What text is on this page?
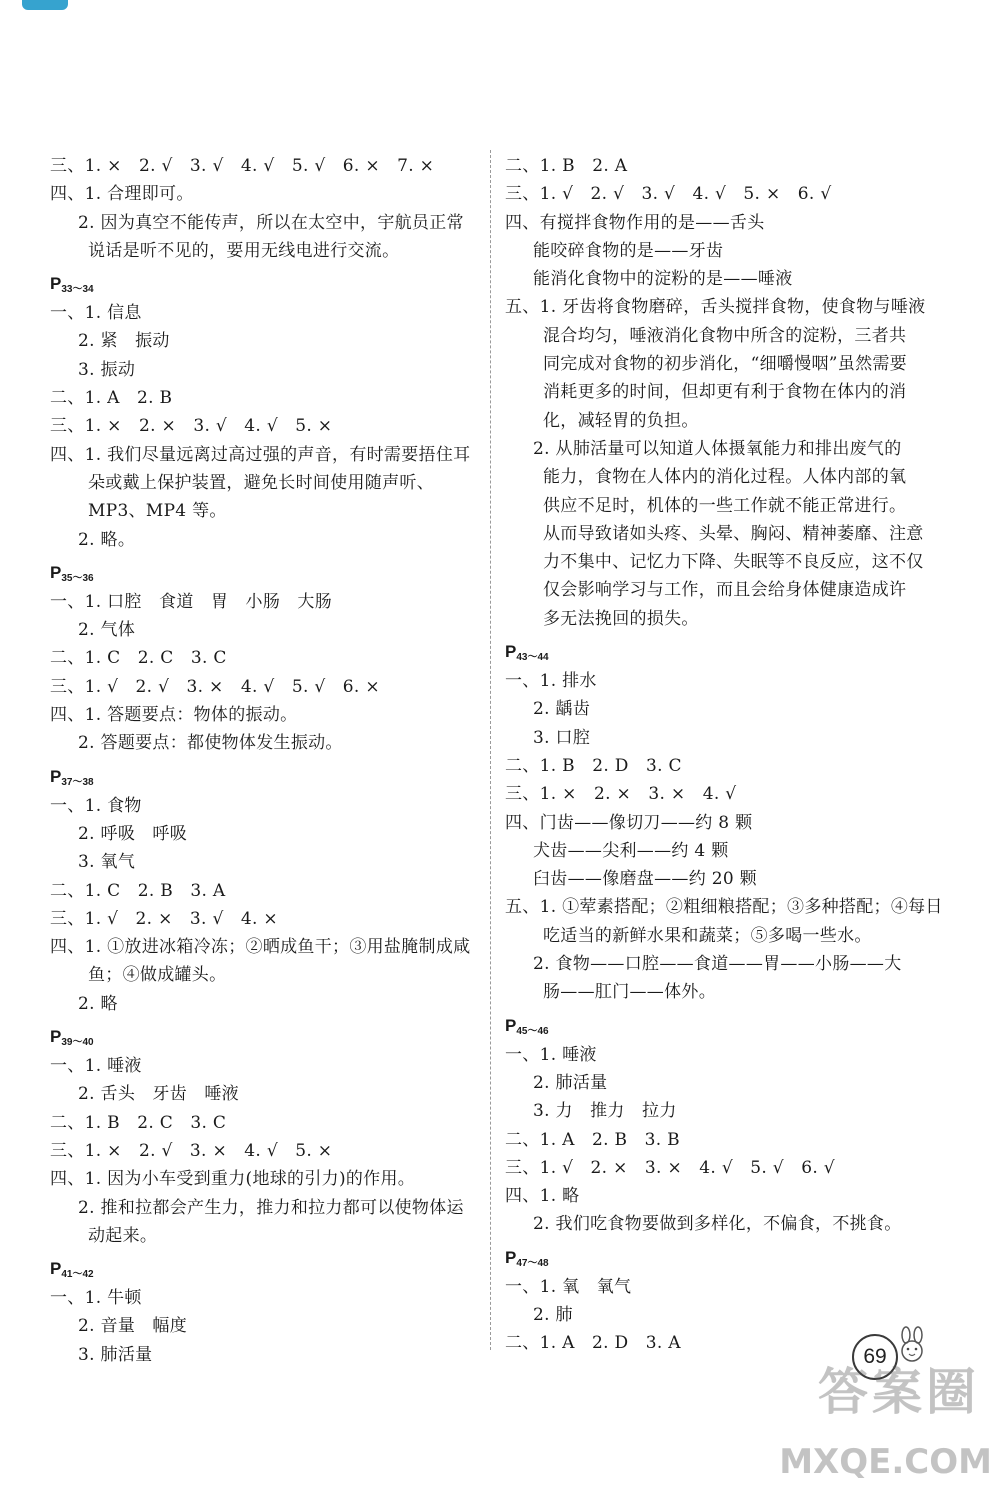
三、1. ×　2. √　3. √　4. √　5. √　6. ×　7. ×
四、1. 合理即可。
2. 因为真空不能传声，所以在太空中，宇航员正常
说话是听不见的，要用无线电进行交流。
$P_{33\sim 34}$
一、1. 信息
2. 紧　振动
3. 振动
二、1. A　2. B
三、1. ×　2. ×　3. √　4. √　5. ×
四、1. 我们尽量远离过高过强的声音，有时需要捂住耳
朵或戴上保护装置，避免长时间使用随声听、
MP3、MP4 等。
2. 略。
$P_{35\sim 36}$
一、1. 口腔　食道　胃　小肠　大肠
2. 气体
二、1. C　2. C　3. C
三、1. √　2. √　3. ×　4. √　5. √　6. ×
四、1. 答题要点：物体的振动。
2. 答题要点：都使物体发生振动。
$P_{37\sim 38}$
一、1. 食物
2. 呼吸　呼吸
3. 氧气
二、1. C　2. B　3. A
三、1. √　2. ×　3. √　4. ×
四、1. ①放进冰箱冷冻；②晒成鱼干；③用盐腌制成咸
鱼；④做成罐头。
2. 略
$P_{39\sim 40}$
一、1. 唾液
2. 舌头　牙齿　唾液
二、1. B　2. C　3. C
三、1. ×　2. √　3. ×　4. √　5. ×
四、1. 因为小车受到重力(地球的引力)的作用。
2. 推和拉都会产生力，推力和拉力都可以使物体运
动起来。
$P_{41\sim 42}$
一、1. 牛顿
2. 音量　幅度
3. 肺活量
二、1. B　2. A
三、1. √　2. √　3. √　4. √　5. ×　6. √
四、有搅拌食物作用的是——舌头
能咬碎食物的是——牙齿
能消化食物中的淀粉的是——唾液
五、1. 牙齿将食物磨碎，舌头搅拌食物，使食物与唾液
混合均匀，唾液消化食物中所含的淀粉，三者共
同完成对食物的初步消化，“细嚼慢咽”虽然需要
消耗更多的时间，但却更有利于食物在体内的消
化，减轻胃的负担。
2. 从肺活量可以知道人体摄氧能力和排出废气的
能力，食物在人体内的消化过程。人体内部的氧
供应不足时，机体的一些工作就不能正常进行。
从而导致诸如头疼、头晕、胸闷、精神萎靡、注意
力不集中、记忆力下降、失眠等不良反应，这不仅
仅会影响学习与工作，而且会给身体健康造成许
多无法挽回的损失。
$P_{43\sim 44}$
一、1. 排水
2. 龋齿
3. 口腔
二、1. B　2. D　3. C
三、1. ×　2. ×　3. ×　4. √
四、门齿——像切刀——约 8 颗
犬齿——尖利——约 4 颗
臼齿——像磨盘——约 20 颗
五、1. ①荤素搭配；②粗细粮搭配；③多种搭配；④每日
吃适当的新鲜水果和蔬菜；⑤多喝一些水。
2. 食物——口腔——食道——胃——小肠——大
肠——肛门——体外。
$P_{45\sim 46}$
一、1. 唾液
2. 肺活量
3. 力　推力　拉力
二、1. A　2. B　3. B
三、1. √　2. ×　3. ×　4. √　5. √　6. √
四、1. 略
2. 我们吃食物要做到多样化，不偏食，不挑食。
$P_{47\sim 48}$
一、1. 氧　氧气
2. 肺
二、1. A　2. D　3. A
69
答案圈
MXQE.COM
